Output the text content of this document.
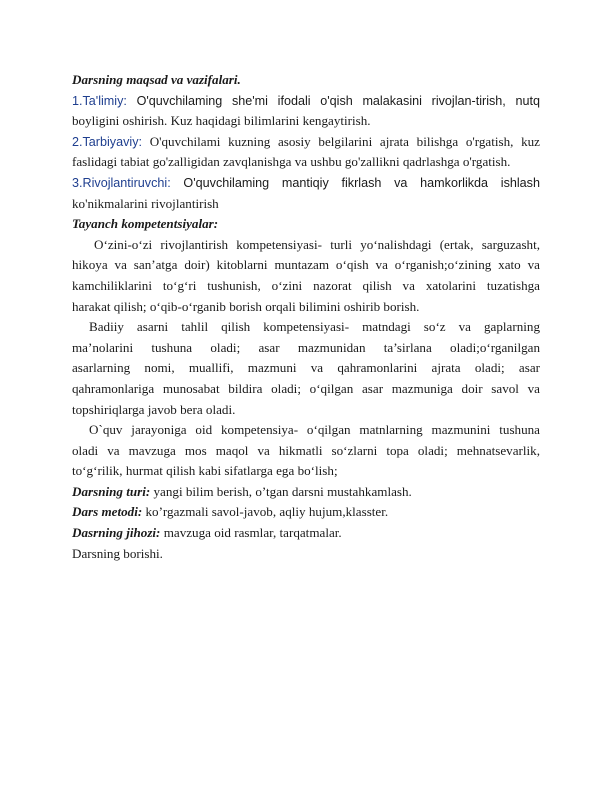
Darsning maqsad va vazifalari.
1.Ta'limiy: O'quvchilaming she'mi ifodali o'qish malakasini rivojlan-tirish, nutq
boyligini oshirish. Kuz haqidagi bilimlarini kengaytirish.
2.Tarbiyaviy: O'quvchilami kuzning asosiy belgilarini ajrata bilishga o'rgatish, kuz
faslidagi tabiat go'zalligidan zavqlanishga va ushbu go'zallikni qadrlashga o'rgatish.
3.Rivojlantiruvchi: O'quvchilaming mantiqiy fikrlash va hamkorlikda ishlash
ko'nikmalarini rivojlantirish
Tayanch kompetentsiyalar:
O‘zini-o‘zi rivojlantirish kompetensiyasi- turli yo‘nalishdagi (ertak, sarguzasht,
hikoya va san’atga doir) kitoblarni muntazam o‘qish va o‘rganish;o‘zining xato va
kamchiliklarini to‘g‘ri tushunish, o‘zini nazorat qilish va xatolarini tuzatishga
harakat qilish; o‘qib-o‘rganib borish orqali bilimini oshirib borish.
Badiiy asarni tahlil qilish kompetensiyasi- matndagi so‘z va gaplarning
ma’nolarini tushuna oladi; asar mazmunidan ta’sirlana oladi;o‘rganilgan
asarlarning nomi, muallifi, mazmuni va qahramonlarini ajrata oladi; asar
qahramonlariga munosabat bildira oladi; o‘qilgan asar mazmuniga doir savol va
topshiriqlarga javob bera oladi.
O`quv jarayoniga oid kompetensiya- o‘qilgan matnlarning mazmunini tushuna
oladi va mavzuga mos maqol va hikmatli so‘zlarni topa oladi; mehnatsevarlik,
to‘g‘rilik, hurmat qilish kabi sifatlarga ega bo‘lish;
Darsning turi: yangi bilim berish, o’tgan darsni mustahkamlash.
Dars metodi: ko’rgazmali savol-javob, aqliy hujum,klasster.
Dasrning jihozi: mavzuga oid rasmlar, tarqatmalar.
Darsning borishi.
